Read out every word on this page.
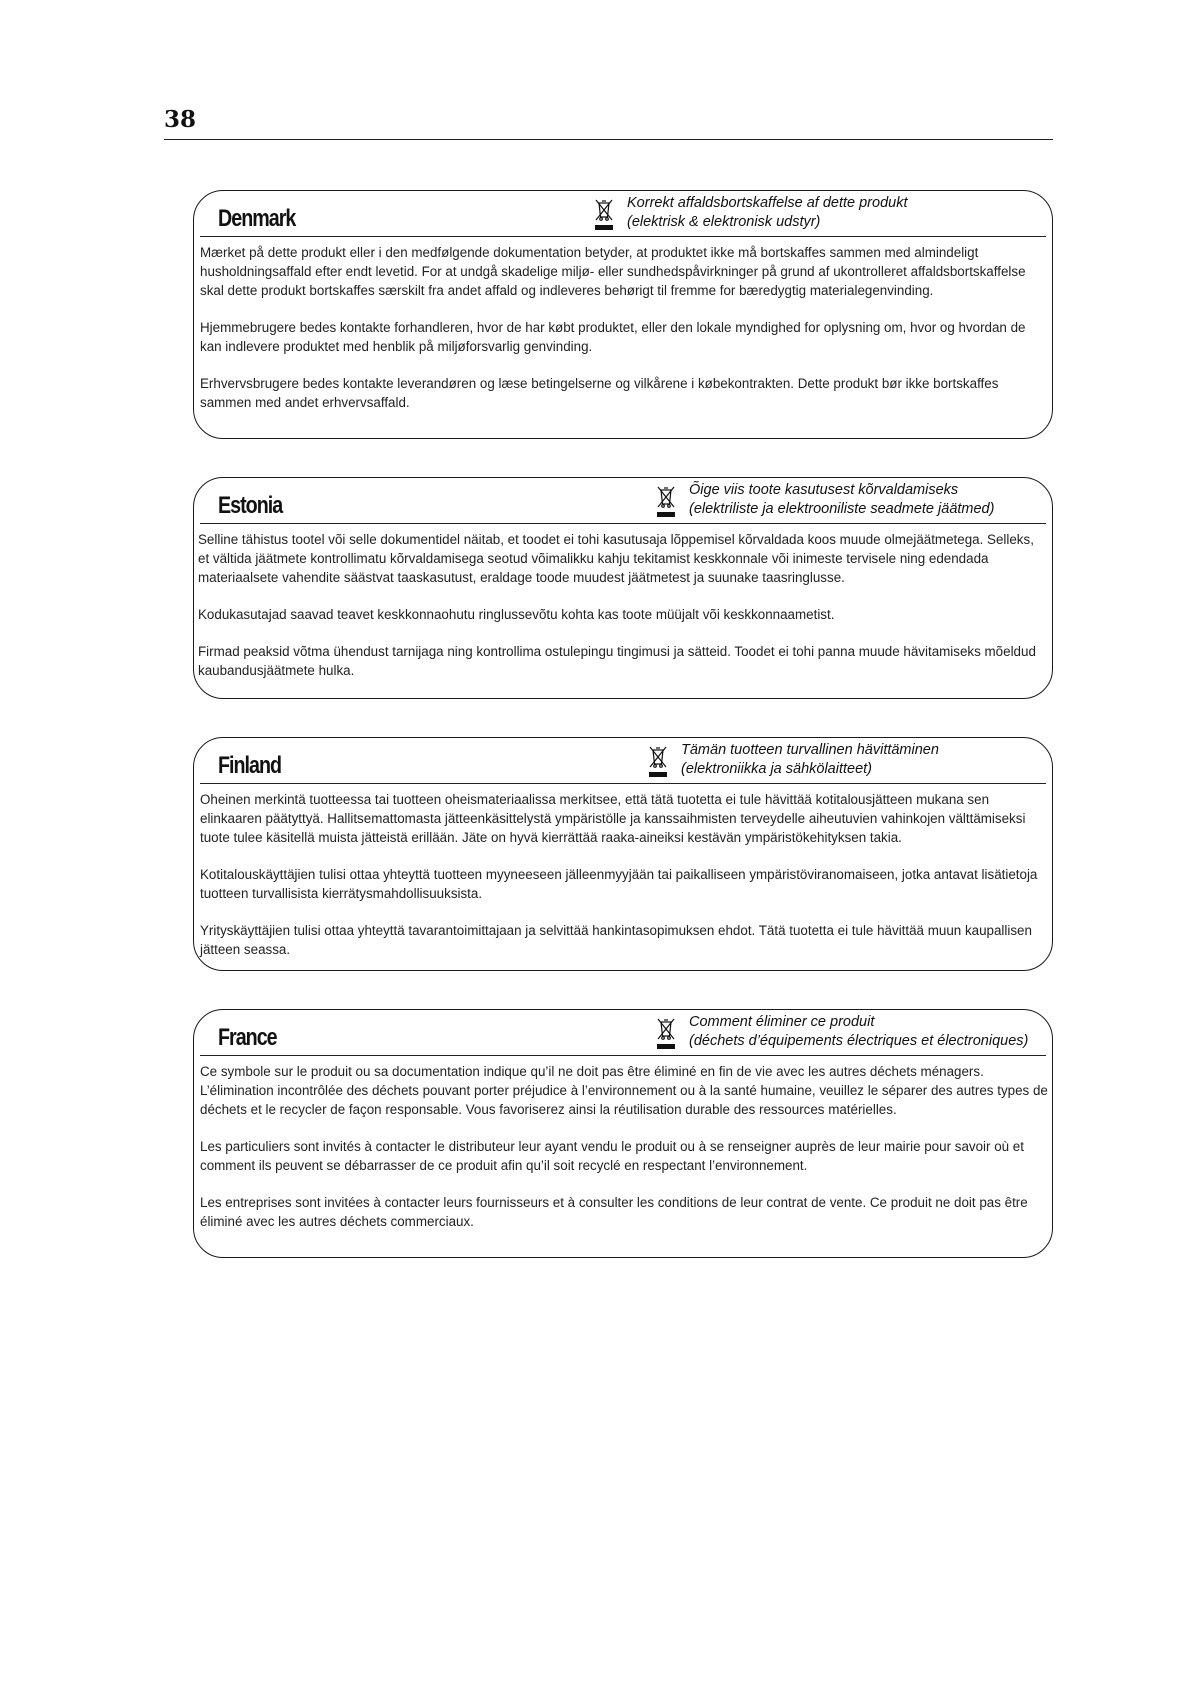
38
Denmark
Korrekt affaldsbortskaffelse af dette produkt
(elektrisk & elektronisk udstyr)

Mærket på dette produkt eller i den medfølgende dokumentation betyder, at produktet ikke må bortskaffes sammen med almindeligt husholdningsaffald efter endt levetid. For at undgå skadelige miljø- eller sundhedspåvirkninger på grund af ukontrolleret affaldsbortskaffelse skal dette produkt bortskaffes særskilt fra andet affald og indleveres behørigt til fremme for bæredygtig materialegenvinding.

Hjemmebrugere bedes kontakte forhandleren, hvor de har købt produktet, eller den lokale myndighed for oplysning om, hvor og hvordan de kan indlevere produktet med henblik på miljøforsvarlig genvinding.

Erhvervsbrugere bedes kontakte leverandøren og læse betingelserne og vilkårene i købekontrakten. Dette produkt bør ikke bortskaffes sammen med andet erhvervsaffald.

Estonia
Õige viis toote kasutusest kõrvaldamiseks
(elektriliste ja elektrooniliste seadmete jäätmed)

Selline tähistus tootel või selle dokumentidel näitab, et toodet ei tohi kasutusaja lõppemisel kõrvaldada koos muude olmejäätmetega. Selleks, et vältida jäätmete kontrollimatu kõrvaldamisega seotud võimalikku kahju tekitamist keskkonnale või inimeste tervisele ning edendada materiaalsete vahendite säästvat taaskasutust, eraldage toode muudest jäätmetest ja suunake taasringlusse.

Kodukasutajad saavad teavet keskkonnaohutu ringlussevõtu kohta kas toote müüjalt või keskkonnaametist.

Firmad peaksid võtma ühendust tarnijaga ning kontrollima ostulepingu tingimusi ja sätteid. Toodet ei tohi panna muude hävitamiseks mõeldud kaubandusjäätmete hulka.

Finland
Tämän tuotteen turvallinen hävittäminen
(elektroniikka ja sähkölaitteet)

Oheinen merkintä tuotteessa tai tuotteen oheismateriaalissa merkitsee, että tätä tuotetta ei tule hävittää kotitalousjätteen mukana sen elinkaaren päätyttyä. Hallitsemattomasta jätteenkäsittelystä ympäristölle ja kanssaihmisten terveydelle aiheutuvien vahinkojen välttämiseksi tuote tulee käsitellä muista jätteistä erillään. Jäte on hyvä kierrättää raaka-aineiksi kestävän ympäristökehityksen takia.

Kotitalouskäyttäjien tulisi ottaa yhteyttä tuotteen myyneeseen jälleenmyyjään tai paikalliseen ympäristöviranomaiseen, jotka antavat lisätietoja tuotteen turvallisista kierrätysmahdollisuuksista.

Yrityskäyttäjien tulisi ottaa yhteyttä tavarantoimittajaan ja selvittää hankintasopimuksen ehdot. Tätä tuotetta ei tule hävittää muun kaupallisen jätteen seassa.

France
Comment éliminer ce produit
(déchets d’équipements électriques et électroniques)

Ce symbole sur le produit ou sa documentation indique qu’il ne doit pas être éliminé en fin de vie avec les autres déchets ménagers. L’élimination incontrôlée des déchets pouvant porter préjudice à l’environnement ou à la santé humaine, veuillez le séparer des autres types de déchets et le recycler de façon responsable. Vous favoriserez ainsi la réutilisation durable des ressources matérielles.

Les particuliers sont invités à contacter le distributeur leur ayant vendu le produit ou à se renseigner auprès de leur mairie pour savoir où et comment ils peuvent se débarrasser de ce produit afin qu’il soit recyclé en respectant l’environnement.

Les entreprises sont invitées à contacter leurs fournisseurs et à consulter les conditions de leur contrat de vente. Ce produit ne doit pas être éliminé avec les autres déchets commerciaux.
